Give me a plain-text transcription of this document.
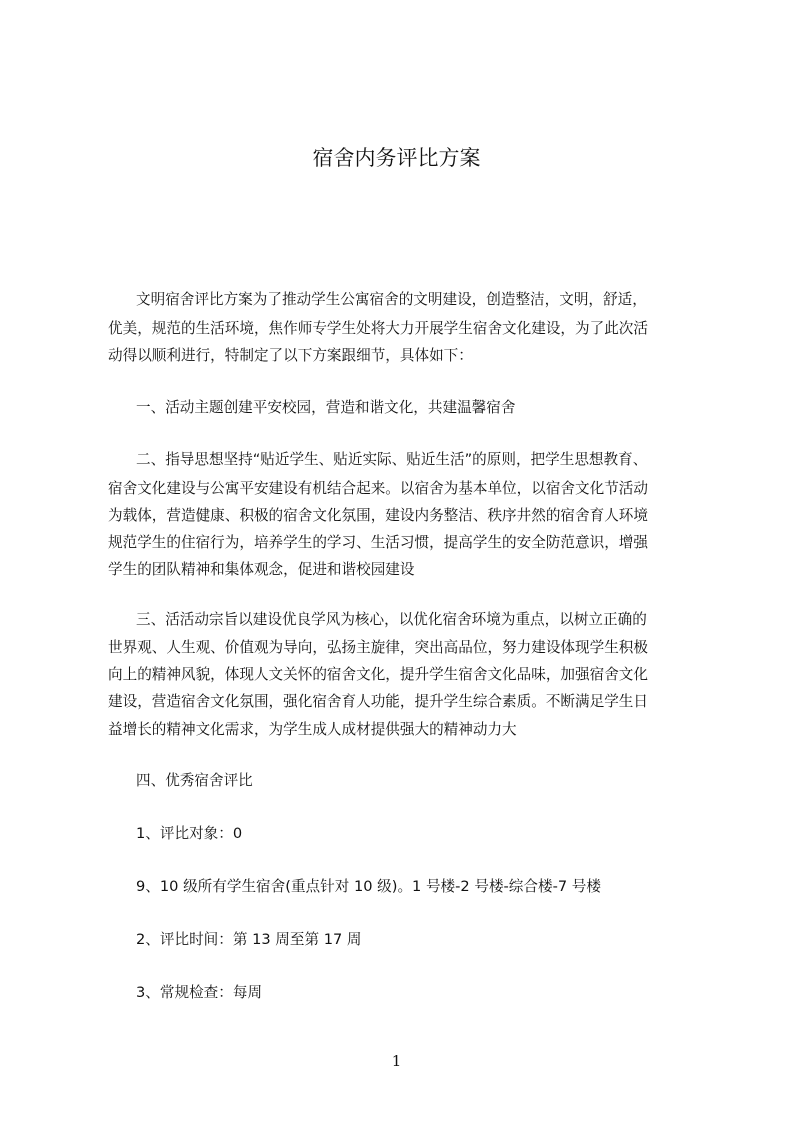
宿舍内务评比方案
文明宿舍评比方案为了推动学生公寓宿舍的文明建设，创造整洁，文明，舒适，
优美，规范的生活环境，焦作师专学生处将大力开展学生宿舍文化建设，为了此次活
动得以顺利进行，特制定了以下方案跟细节，具体如下：
一、活动主题创建平安校园，营造和谐文化，共建温馨宿舍
二、指导思想坚持“贴近学生、贴近实际、贴近生活”的原则，把学生思想教育、
宿舍文化建设与公寓平安建设有机结合起来。以宿舍为基本单位，以宿舍文化节活动
为载体，营造健康、积极的宿舍文化氛围，建设内务整洁、秩序井然的宿舍育人环境
规范学生的住宿行为，培养学生的学习、生活习惯，提高学生的安全防范意识，增强
学生的团队精神和集体观念，促进和谐校园建设
三、活活动宗旨以建设优良学风为核心，以优化宿舍环境为重点，以树立正确的
世界观、人生观、价值观为导向，弘扬主旋律，突出高品位，努力建设体现学生积极
向上的精神风貌，体现人文关怀的宿舍文化，提升学生宿舍文化品味，加强宿舍文化
建设，营造宿舍文化氛围，强化宿舍育人功能，提升学生综合素质。不断满足学生日
益增长的精神文化需求，为学生成人成材提供强大的精神动力大
四、优秀宿舍评比
1、评比对象：0
9、10 级所有学生宿舍(重点针对 10 级)。1 号楼-2 号楼-综合楼-7 号楼
2、评比时间：第 13 周至第 17 周
3、常规检查：每周
1
